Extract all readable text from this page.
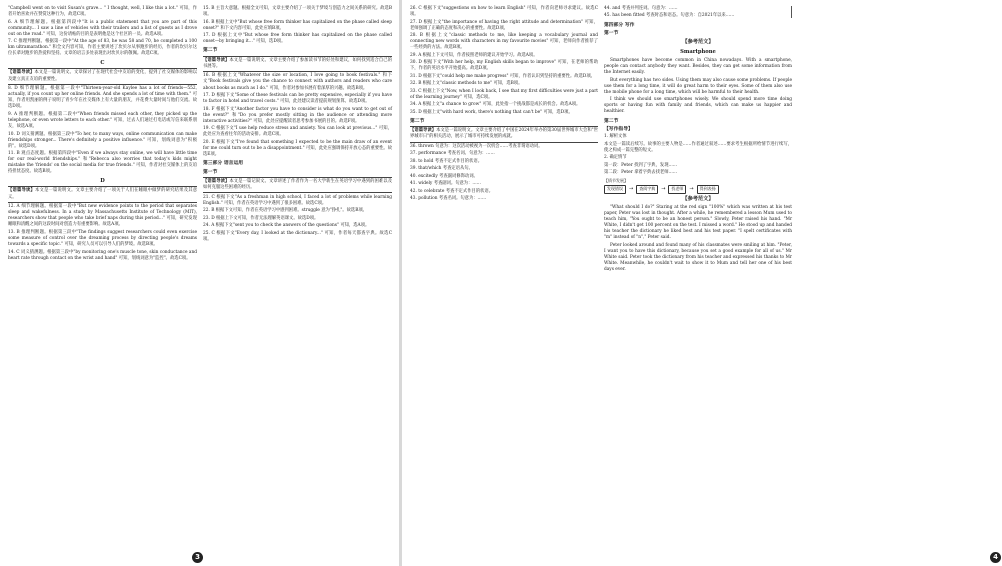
"Campbell went on to visit Susan's grave... " I thought, well, I like this a lot." 可知，作者开始喜欢并在赞赏这种行为，故选C项。

6. A 细节理解题。根据第四段中"It is a public statement that you are part of this community... I saw a line of vehicles with their trailers and a list of guests as I drove out on the road." 可知，这份请帖的目的是表明他是这个社区的一员。故选A项。

7. C 推理判断题。根据第一段中"At the age of 83, he was 58 and 70, he completed a 100 km ultramarathon." 和全文内容可知，作者主要讲述了坎贝尔从事跑步的经历，作者的坎贝尔这位长辈对跑步的热爱和坚持。文章的语言多处表现出对坎贝尔的敬佩。故选C项。

C
【语篇导读】本文是一篇说明文。文章探讨了在现代社会中友谊的变化，提到了社交媒体的影响以及建立真正友谊的重要性。

8. D 细节理解题。根据第一段中"Thirteen-year-old Kaylee has a lot of friends—552, actually, if you count up her online friends. And she spends a lot of time with them." 可知，作者用凯丽的例子说明了青少年在社交媒体上有大量的朋友，并花费大量时间与他们交流。故选D项。

9. A 推理判断题。根据第二段中"When friends missed each other, they picked up the telephone, or even wrote letters to each other." 可知，过去人们通过打电话或写信来联系朋友，故选A项。

10. D 词义猜测题。根据第三段中"To her, to many ways, online communication can make friendships stronger... There's definitely a positive influence." 可知，划线词意为"积极的"。故选D项。

11. B 观点态度题。根据第四段中"Even if we always stay online, we will have little time for our real-world friendships." 和"Rebecca also worries that today's kids might mistake the 'friends' on the social media for true friends." 可知，作者对社交媒体上的友谊持担忧态度。故选B项。

D
【语篇导读】本文是一篇说明文。文章主要介绍了一项关于人们在睡眠中做梦的研究结果及其意义。

12. A 细节理解题。根据第一段中"But new evidence points to the period that separates sleep and wakefulness. In a study by Massachusetts Institute of Technology (MIT), researchers show that people who take brief naps during this period..." 可知，研究发现睡眠和清醒之间的这段时间对创造力有重要影响。故选A项。

13. B 推理判断题。根据第三段中"The findings suggest researchers could even exercise some measure of control over the dreaming process by directing people's dreams towards a specific topic." 可知，研究人员可以引导人们的梦境。故选B项。

14. C 词义猜测题。根据第三段中"by monitoring one's muscle tone, skin conductance and heart rate through contact on the wrist and hand" 可知，划线词意为"监控"。故选C项。

15. B 主旨大意题。根据全文可知，文章主要介绍了一项关于梦境与创造力之间关系的研究。故选B项。

16. B 根据上文中"But whose free form thinker has capitalized on the phase called sleep onset?" 和下文内容可知，此处应填B项。

17. D 根据上文中"But whose free form thinker has capitalized on the phase called onset—by bringing it..." 可知，选D项。

第二节
【语篇导读】本文是一篇说明文。文章主要介绍了参加读书节的好处和建议，如何找到适合自己的书展等。

16. B 根据上文"Whatever the size or location, I love going to book festivals." 和下文"Book festivals give you the chance to connect with authors and readers who care about books as much as I do." 可知，作者对参加书展有着深厚的兴趣。故选B项。

17. D 根据下文"Some of these festivals can be pretty expensive, especially if you have to factor in hotel and travel costs." 可知，此处建议读者提前规划预算。故选D项。

18. F 根据下文"Another factor you have to consider is what do you want to get out of the event?" 和"Do you prefer mostly sitting in the audience or attending more interactive activities?" 可知，此处应提醒读者思考参加书展的目的。故选F项。

19. C 根据下文"I use help reduce stress and anxiety. You can look at previous..." 可知，此处应为查看往年的活动安排。故选C项。

20. E 根据下文"I've found that something I expected to be the main draw of an event for me could turn out to be a disappointment." 可知，此处应强调保持开放心态的重要性。故选E项。

第三部分 语言运用
第一节
【语篇导读】本文是一篇记叙文。文章讲述了作者作为一名大学新生在英语学习中遇到的困难以及如何克服这些困难的经历。

21. C 根据下文"As a freshman in high school, I faced a lot of problems while learning English." 可知，作者在英语学习中遇到了很多困难。故选C项。

22. B 根据下文可知，作者在英语学习中感到困难。struggle 意为"挣扎"。故选B项。

23. D 根据上下文可知，作者无法理解英语课文。故选D项。

24. A 根据下文"sent you to check the answers of the questions" 可知，选A项。

25. C 根据下文"Every day, I looked at the dictionary..." 可知，作者每天都查字典。故选C项。

3

26. C 根据下文"suggestions on how to learn English" 可知，作者向老师寻求建议。故选C项。

27. D 根据上文"the importance of having the right attitude and determination" 可知，老师强调了正确的态度和决心的重要性。故选D项。

28. B 根据上文"classic methods to me, like keeping a vocabulary journal and connecting new words with characters in my favourite movies" 可知，老师向作者推荐了一些经典的方法。故选B项。

29. A 根据上下文可知，作者按照老师的建议开始学习。故选A项。

30. D 根据下文"With her help, my English skills began to improve" 可知，在老师的帮助下，作者的英语水平开始提高。故选D项。

31. D 根据下文"could help me make progress" 可知，作者认识到坚持的重要性。故选D项。

32. B 根据上文"classic methods to me" 可知，选B项。

33. C 根据上下文"Now, when I look back, I see that my first difficulties were just a part of the learning journey" 可知，选C项。

34. A 根据上文"a chance to grow" 可知，此处指一个挑战都是成长的机会。故选A项。

35. D 根据上文"with hard work, there's nothing that can't be" 可知，选D项。

第二节
【语篇导读】本文是一篇说明文。文章主要介绍了中国在2024年举办的第30届世界城市大会和"世界城市日"的相关活动，展示了城市可持续发展的成就。

36. thrown 句意为：这次活动被视为一次机会……考查非谓语动词。

37. performance 考查名词。句意为：……

38. to hold 考查不定式作目的状语。

39. that/which 考查定语从句。

40. excitedly 考查副词修饰动词。

41. widely 考查副词。句意为：……

42. to celebrate 考查不定式作目的状语。

43. pollution 考查名词。句意为：……

44. and 考查并列连词。句意为：……

45. has been fitted 考查时态和语态。句意为：自2021年以来……

第四部分 写作
第一节
【参考范文】
Smartphone

Smartphones have become common in China nowadays. With a smartphone, people can contact anybody they want. Besides, they can get some information from the Internet easily.

But everything has two sides. Using them may also cause some problems. If people use them for a long time, it will do great harm to their eyes. Some of them also use the mobile phone for a long time, which will be harmful to their health.

I think we should use smartphones wisely. We should spend more time doing sports or having fun with family and friends, which can make us happier and healthier.

第二节
【写作指导】

1. 解析文体

本文是一篇读后续写。故事的主要人物是……作者通过叙述……要求考生根据所给情节进行续写，使之构成一篇完整的短文。

2. 确定情节

第一段：Peter 找到了字典，发现……

第二段：Peter 拿着字典去找老师……

【情节发展】
发现错误	→	查阅字典	→	找老师	→	得到表扬
【参考范文】

"What should I do?" Staring at the red sign "100%" which was written at his test paper, Peter was lost in thought. After a while, he remembered a lesson Mum used to teach him, "You ought to be an honest person." Slowly, Peter raised his hand. "Mr White, I didn't get 100 percent on the test. I missed a word." He stood up and handed his teacher the dictionary he liked best and his test paper. "I spelt certificates with "m" instead of "n"," Peter said.

Peter looked around and found many of his classmates were smiling at him. "Peter, I want you to have this dictionary, because you set a good example for all of us." Mr White said. Peter took the dictionary from his teacher and expressed his thanks to Mr White. Meanwhile, he couldn't wait to show it to Mum and tell her one of his best days ever.

4
